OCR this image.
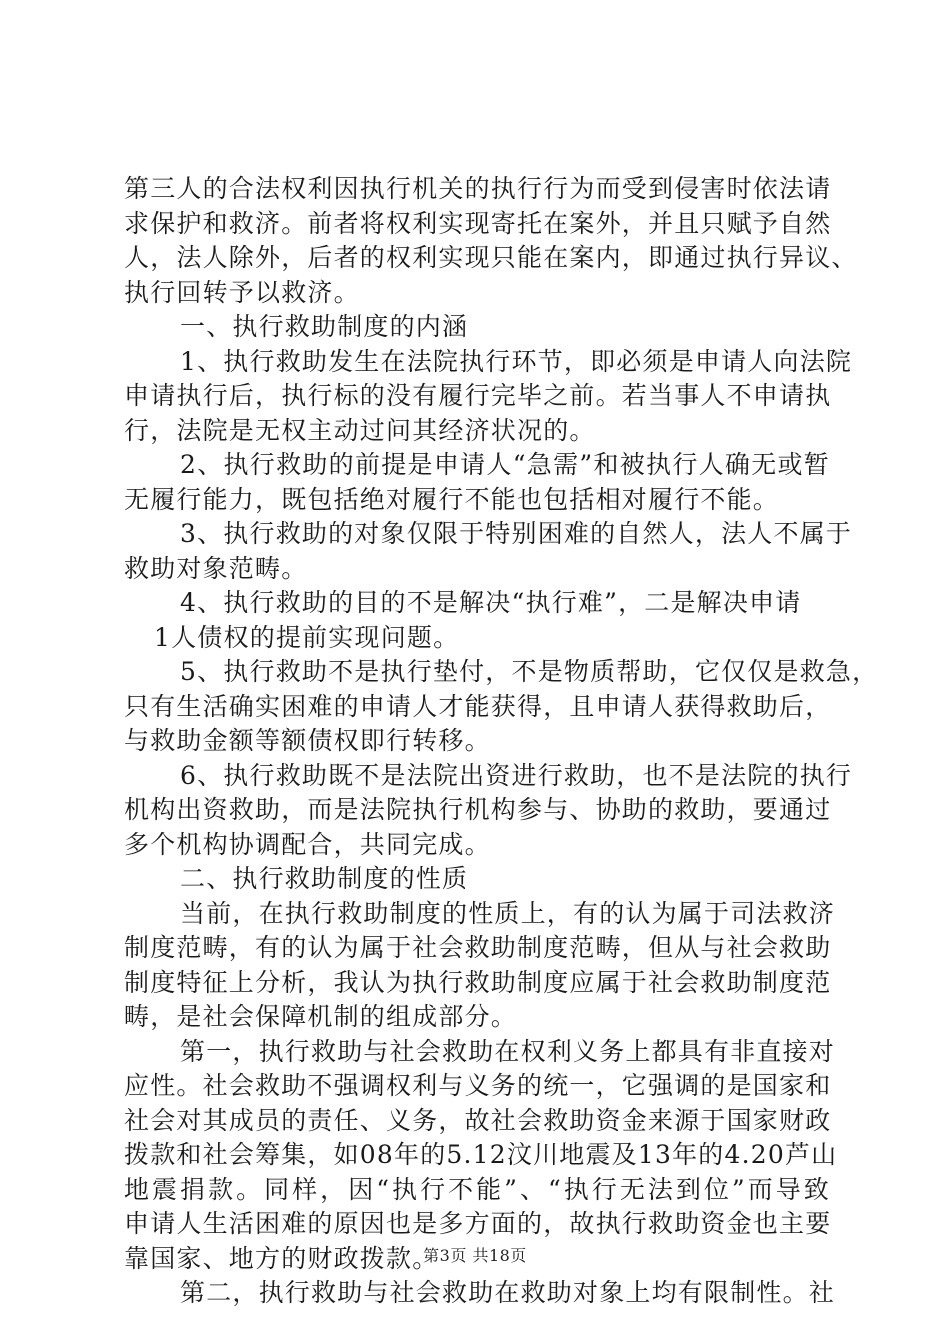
第三人的合法权利因执行机关的执行行为而受到侵害时依法请
求保护和救济。前者将权利实现寄托在案外，并且只赋予自然
人，法人除外，后者的权利实现只能在案内，即通过执行异议、
执行回转予以救济。
一、执行救助制度的内涵
1、执行救助发生在法院执行环节，即必须是申请人向法院
申请执行后，执行标的没有履行完毕之前。若当事人不申请执
行，法院是无权主动过问其经济状况的。
2、执行救助的前提是申请人“急需”和被执行人确无或暂
无履行能力，既包括绝对履行不能也包括相对履行不能。
3、执行救助的对象仅限于特别困难的自然人，法人不属于
救助对象范畴。
4、执行救助的目的不是解决“执行难”，二是解决申请
1人债权的提前实现问题。
5、执行救助不是执行垫付，不是物质帮助，它仅仅是救急，
只有生活确实困难的申请人才能获得，且申请人获得救助后，
与救助金额等额债权即行转移。
6、执行救助既不是法院出资进行救助，也不是法院的执行
机构出资救助，而是法院执行机构参与、协助的救助，要通过
多个机构协调配合，共同完成。
二、执行救助制度的性质
当前，在执行救助制度的性质上，有的认为属于司法救济
制度范畴，有的认为属于社会救助制度范畴，但从与社会救助
制度特征上分析，我认为执行救助制度应属于社会救助制度范
畴，是社会保障机制的组成部分。
第一，执行救助与社会救助在权利义务上都具有非直接对
应性。社会救助不强调权利与义务的统一，它强调的是国家和
社会对其成员的责任、义务，故社会救助资金来源于国家财政
拨款和社会筹集，如08年的5.12汶川地震及13年的4.20芦山
地震捐款。同样，因“执行不能”、“执行无法到位”而导致
申请人生活困难的原因也是多方面的，故执行救助资金也主要
靠国家、地方的财政拨款。
第二，执行救助与社会救助在救助对象上均有限制性。社
第3页 共18页
